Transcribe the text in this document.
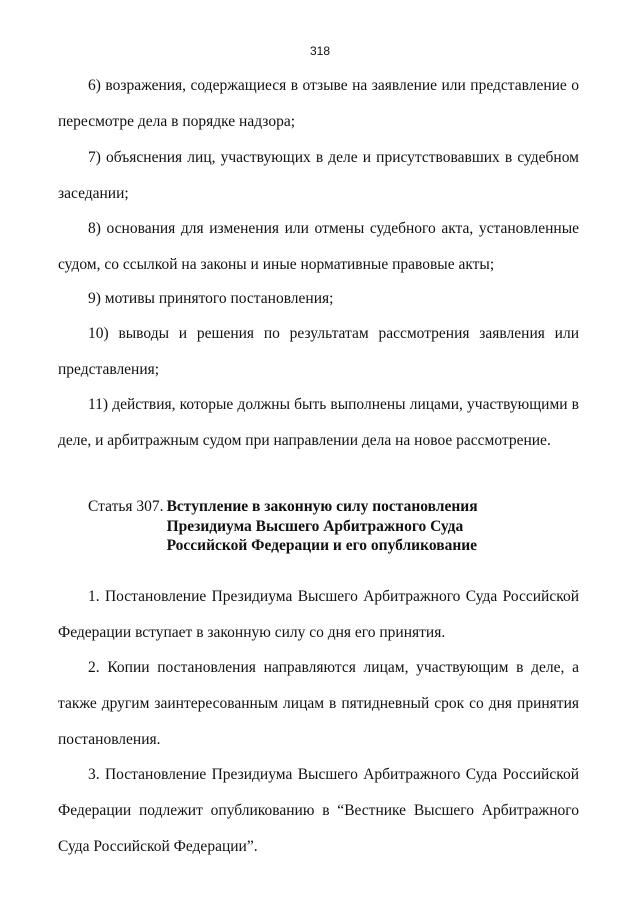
318

6) возражения, содержащиеся в отзыве на заявление или представление о пересмотре дела в порядке надзора;

7) объяснения лиц, участвующих в деле и присутствовавших в судебном заседании;

8) основания для изменения или отмены судебного акта, установленные судом, со ссылкой на законы и иные нормативные правовые акты;

9) мотивы принятого постановления;

10) выводы и решения по результатам рассмотрения заявления или представления;

11) действия, которые должны быть выполнены лицами, участвующими в деле, и арбитражным судом при направлении дела на новое рассмотрение.

Статья 307. Вступление в законную силу постановления
Президиума Высшего Арбитражного Суда
Российской Федерации и его опубликование

1. Постановление Президиума Высшего Арбитражного Суда Российской Федерации вступает в законную силу со дня его принятия.

2. Копии постановления направляются лицам, участвующим в деле, а также другим заинтересованным лицам в пятидневный срок со дня принятия постановления.

3. Постановление Президиума Высшего Арбитражного Суда Российской Федерации подлежит опубликованию в “Вестнике Высшего Арбитражного Суда Российской Федерации”.
